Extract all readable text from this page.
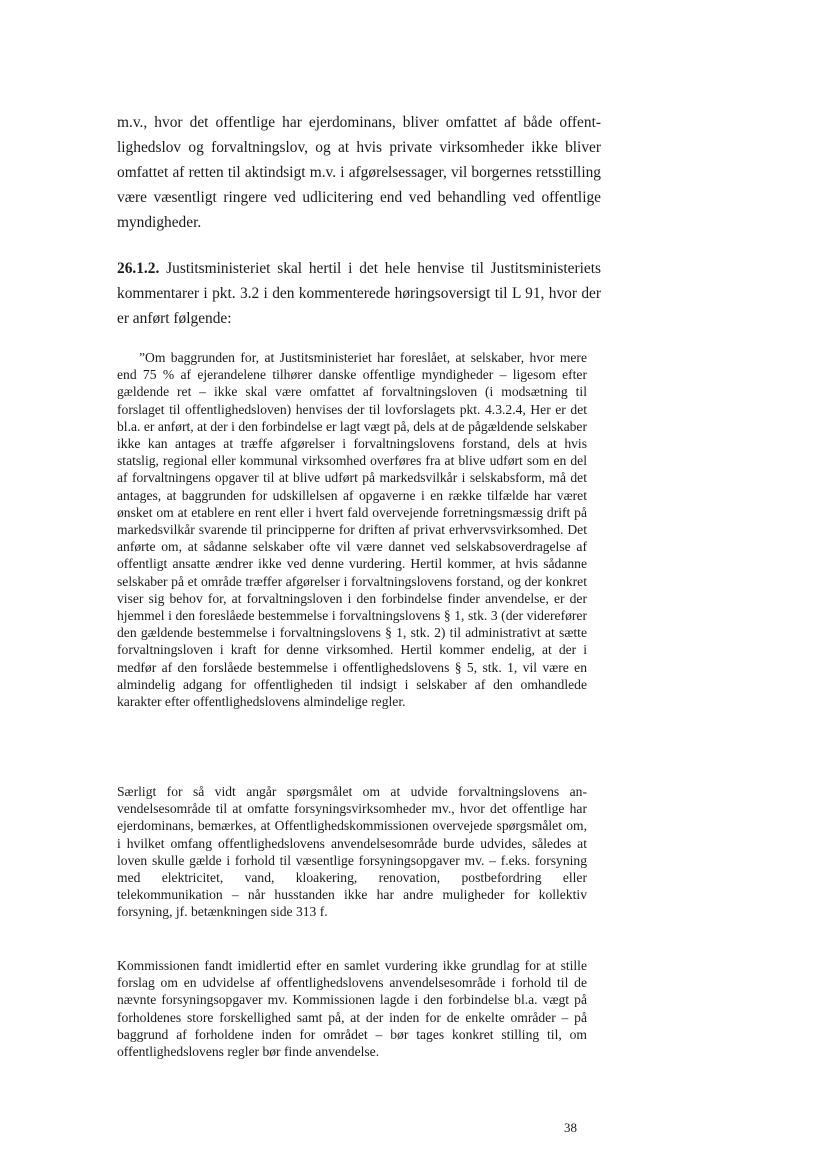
m.v., hvor det offentlige har ejerdominans, bliver omfattet af både offentlighedslov og forvaltningslov, og at hvis private virksomheder ikke bliver omfattet af retten til aktindsigt m.v. i afgørelsessager, vil borgernes retsstilling være væsentligt ringere ved udlicitering end ved behandling ved offentlige myndigheder.

26.1.2. Justitsministeriet skal hertil i det hele henvise til Justitsministeriets kommentarer i pkt. 3.2 i den kommenterede høringsoversigt til L 91, hvor der er anført følgende:

”Om baggrunden for, at Justitsministeriet har foreslået, at selskaber, hvor mere end 75 % af ejerandelene tilhører danske offentlige myndigheder – ligesom efter gældende ret – ikke skal være omfattet af forvaltningsloven (i modsætning til forslaget til offentlighedsloven) henvises der til lovforslagets pkt. 4.3.2.4, Her er det bl.a. er anført, at der i den forbindelse er lagt vægt på, dels at de pågældende selskaber ikke kan antages at træffe afgørelser i forvaltningslovens forstand, dels at hvis statslig, regional eller kommunal virksomhed overføres fra at blive udført som en del af forvaltningens opgaver til at blive udført på markedsvilkår i selskabsform, må det antages, at baggrunden for udskillelsen af opgaverne i en række tilfælde har været ønsket om at etablere en rent eller i hvert fald overvejende forretningsmæssig drift på markedsvilkår svarende til principperne for driften af privat erhvervsvirksomhed. Det anførte om, at sådanne selskaber ofte vil være dannet ved selskabsoverdragelse af offentligt ansatte ændrer ikke ved denne vurdering. Hertil kommer, at hvis sådanne selskaber på et område træffer afgørelser i forvaltningslovens forstand, og der konkret viser sig behov for, at forvaltningsloven i den forbindelse finder anvendelse, er der hjemmel i den foreslåede bestemmelse i forvaltningslovens § 1, stk. 3 (der viderefører den gældende bestemmelse i forvaltningslovens § 1, stk. 2) til administrativt at sætte forvaltningsloven i kraft for denne virksomhed. Hertil kommer endelig, at der i medfør af den forslåede bestemmelse i offentlighedslovens § 5, stk. 1, vil være en almindelig adgang for offentligheden til indsigt i selskaber af den omhandlede karakter efter offentlighedslovens almindelige regler.

Særligt for så vidt angår spørgsmålet om at udvide forvaltningslovens anvendelsesområde til at omfatte forsyningsvirksomheder mv., hvor det offentlige har ejerdominans, bemærkes, at Offentlighedskommissionen overvejede spørgsmålet om, i hvilket omfang offentlighedslovens anvendelsesområde burde udvides, således at loven skulle gælde i forhold til væsentlige forsyningsopgaver mv. – f.eks. forsyning med elektricitet, vand, kloakering, renovation, postbefordring eller telekommunikation – når husstanden ikke har andre muligheder for kollektiv forsyning, jf. betænkningen side 313 f.

Kommissionen fandt imidlertid efter en samlet vurdering ikke grundlag for at stille forslag om en udvidelse af offentlighedslovens anvendelsesområde i forhold til de nævnte forsyningsopgaver mv. Kommissionen lagde i den forbindelse bl.a. vægt på forholdenes store forskellighed samt på, at der inden for de enkelte områder – på baggrund af forholdene inden for området – bør tages konkret stilling til, om offentlighedslovens regler bør finde anvendelse.

38
